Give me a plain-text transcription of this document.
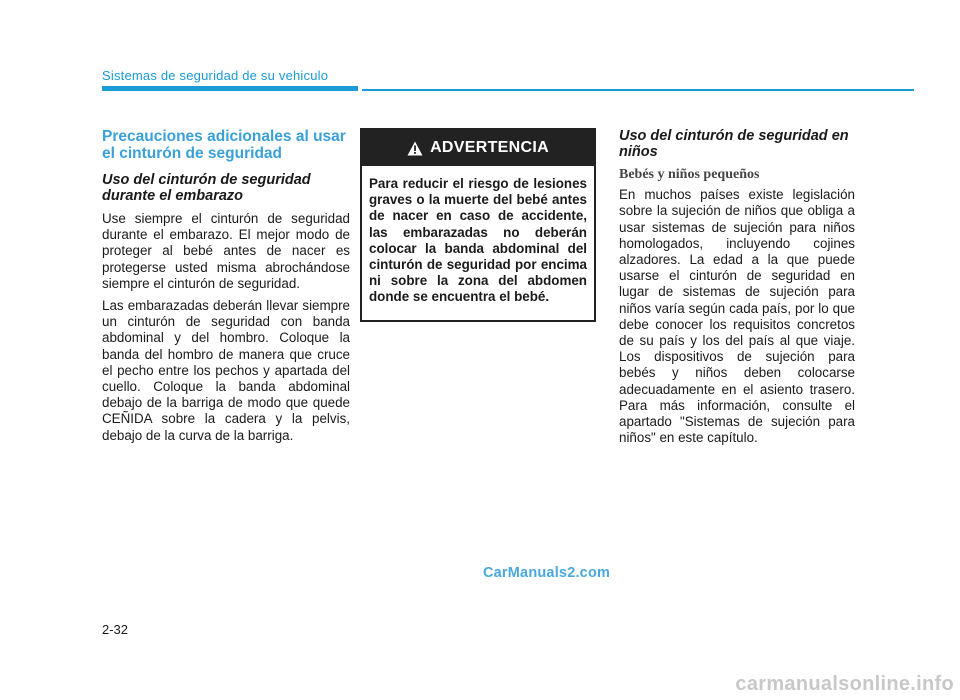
Sistemas de seguridad de su vehiculo
Precauciones adicionales al usar el cinturón de seguridad
Uso del cinturón de seguridad durante el embarazo

Use siempre el cinturón de seguridad durante el embarazo. El mejor modo de proteger al bebé antes de nacer es protegerse usted misma abrochándose siempre el cinturón de seguridad.

Las embarazadas deberán llevar siempre un cinturón de seguridad con banda abdominal y del hombro. Coloque la banda del hombro de manera que cruce el pecho entre los pechos y apartada del cuello. Coloque la banda abdominal debajo de la barriga de modo que quede CEÑIDA sobre la cadera y la pelvis, debajo de la curva de la barriga.

ADVERTENCIA
Para reducir el riesgo de lesiones graves o la muerte del bebé antes de nacer en caso de accidente, las embarazadas no deberán colocar la banda abdominal del cinturón de seguridad por encima ni sobre la zona del abdomen donde se encuentra el bebé.
Uso del cinturón de seguridad en niños
Bebés y niños pequeños

En muchos países existe legislación sobre la sujeción de niños que obliga a usar sistemas de sujeción para niños homologados, incluyendo cojines alzadores. La edad a la que puede usarse el cinturón de seguridad en lugar de sistemas de sujeción para niños varía según cada país, por lo que debe conocer los requisitos concretos de su país y los del país al que viaje. Los dispositivos de sujeción para bebés y niños deben colocarse adecuadamente en el asiento trasero. Para más información, consulte el apartado "Sistemas de sujeción para niños" en este capítulo.

CarManuals2.com
2-32
carmanualsonline.info
